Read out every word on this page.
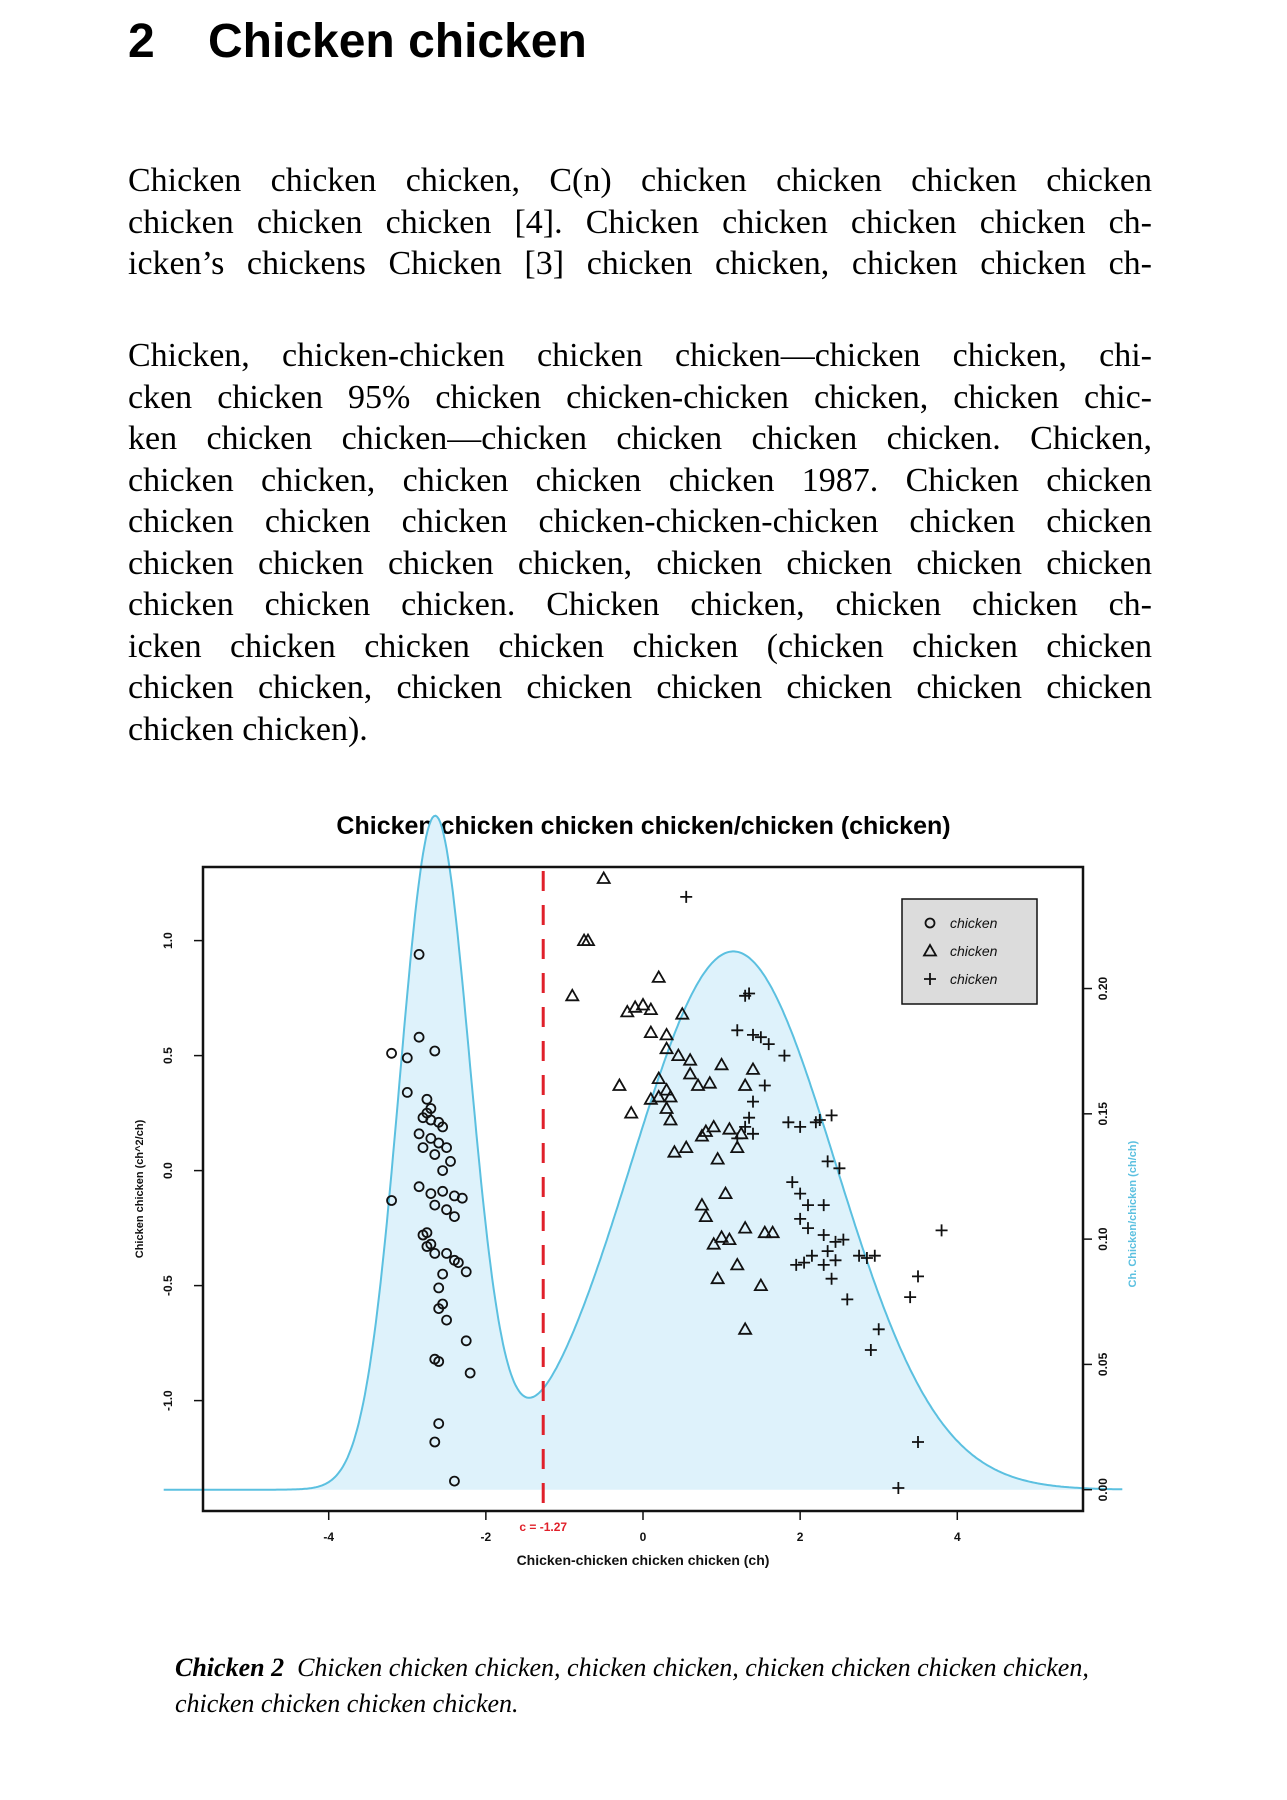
2 Chicken chicken
Chicken chicken chicken, C(n) chicken chicken chicken chicken
chicken chicken chicken [4]. Chicken chicken chicken chicken ch-
icken’s chickens Chicken [3] chicken chicken, chicken chicken ch-
Chicken, chicken-chicken chicken chicken—chicken chicken, chi-
cken chicken 95% chicken chicken-chicken chicken, chicken chic-
ken chicken chicken—chicken chicken chicken chicken. Chicken,
chicken chicken, chicken chicken chicken 1987. Chicken chicken
chicken chicken chicken chicken-chicken-chicken chicken chicken
chicken chicken chicken chicken, chicken chicken chicken chicken
chicken chicken chicken. Chicken chicken, chicken chicken ch-
icken chicken chicken chicken chicken (chicken chicken chicken
chicken chicken, chicken chicken chicken chicken chicken chicken
chicken chicken).
Chicken chicken chicken chicken/chicken (chicken)
c = -1.27
-4	-2	0	2	4
Chicken-chicken chicken chicken (ch)
-1.0
-0.5
0.0
0.5
1.0
Chicken chicken (ch^2/ch)
0.00
0.05
0.10
0.15
0.20
Ch. Chicken/chicken (ch/ch)
chicken
chicken
chicken
Chicken 2 Chicken chicken chicken, chicken chicken, chicken chicken chicken chicken, chicken chicken chicken chicken.
